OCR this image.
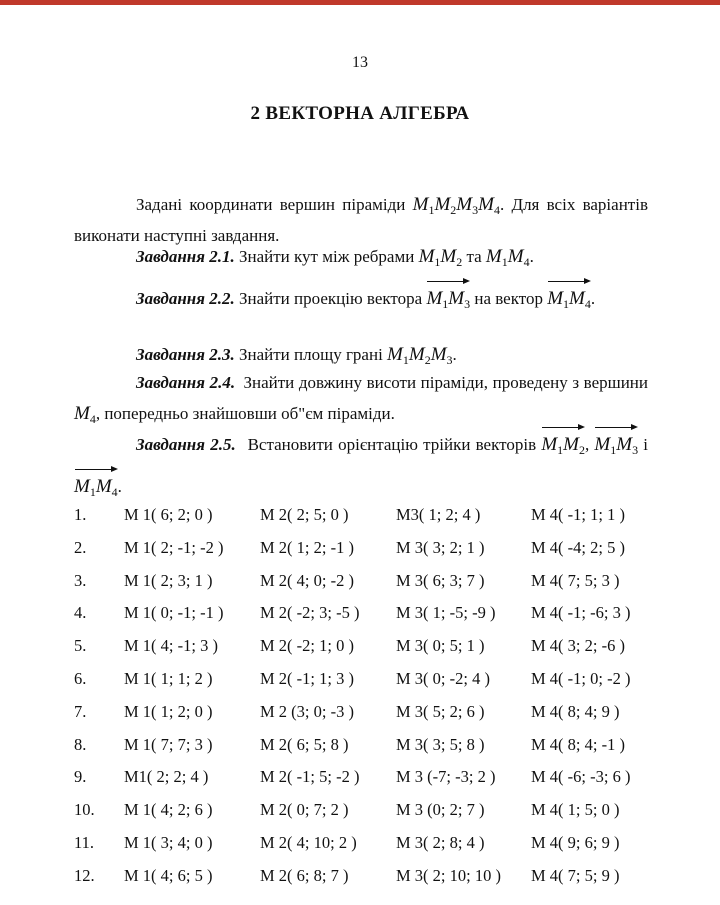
13
2 ВЕКТОРНА АЛГЕБРА
Задані координати вершин піраміди $M_1M_2M_3M_4$. Для всіх варіантів виконати наступні завдання.
Завдання 2.1. Знайти кут між ребрами $M_1M_2$ та $M_1M_4$.
Завдання 2.2. Знайти проекцію вектора $M_1M_3$ на вектор $M_1M_4$.
Завдання 2.3. Знайти площу грані $M_1M_2M_3$.
Завдання 2.4. Знайти довжину висоти піраміди, проведену з вершини $M_4$, попередньо знайшовши об"єм піраміди.
Завдання 2.5. Встановити орієнтацію трійки векторів $M_1M_2$, $M_1M_3$ і $M_1M_4$.
1. M 1( 6; 2; 0 )	M 2( 2; 5; 0 )	M3( 1; 2; 4 )	M 4( -1; 1; 1 )
2. M 1( 2; -1; -2 ) M 2( 1; 2; -1 )	M 3( 3; 2; 1 )	M 4( -4; 2; 5 )
3. M 1( 2; 3; 1 )	M 2( 4; 0; -2 )	M 3( 6; 3; 7 )	M 4( 7; 5; 3 )
4. M 1( 0; -1; -1 ) M 2( -2; 3; -5 ) M 3( 1; -5; -9 ) M 4( -1; -6; 3 )
5. M 1( 4; -1; 3 )	M 2( -2; 1; 0 )	M 3( 0; 5; 1 )	M 4( 3; 2; -6 )
6. M 1( 1; 1; 2 )	M 2( -1; 1; 3 )	M 3( 0; -2; 4 ) M 4( -1; 0; -2 )
7. M 1( 1; 2; 0 )	M 2 (3; 0; -3 )	M 3( 5; 2; 6 )	M 4( 8; 4; 9 )
8. M 1( 7; 7; 3 )	M 2( 6; 5; 8 )	M 3( 3; 5; 8 )	M 4( 8; 4; -1 )
9. M1( 2; 2; 4 )	M 2( -1; 5; -2 ) M 3 (-7; -3; 2 ) M 4( -6; -3; 6 )
10. M 1( 4; 2; 6 )	M 2( 0; 7; 2 )	M 3 (0; 2; 7 )	M 4( 1; 5; 0 )
11. M 1( 3; 4; 0 )	M 2( 4; 10; 2 ) M 3( 2; 8; 4 )	M 4( 9; 6; 9 )
12. M 1( 4; 6; 5 )	M 2( 6; 8; 7 )	M 3( 2; 10; 10 ) M 4( 7; 5; 9 )
